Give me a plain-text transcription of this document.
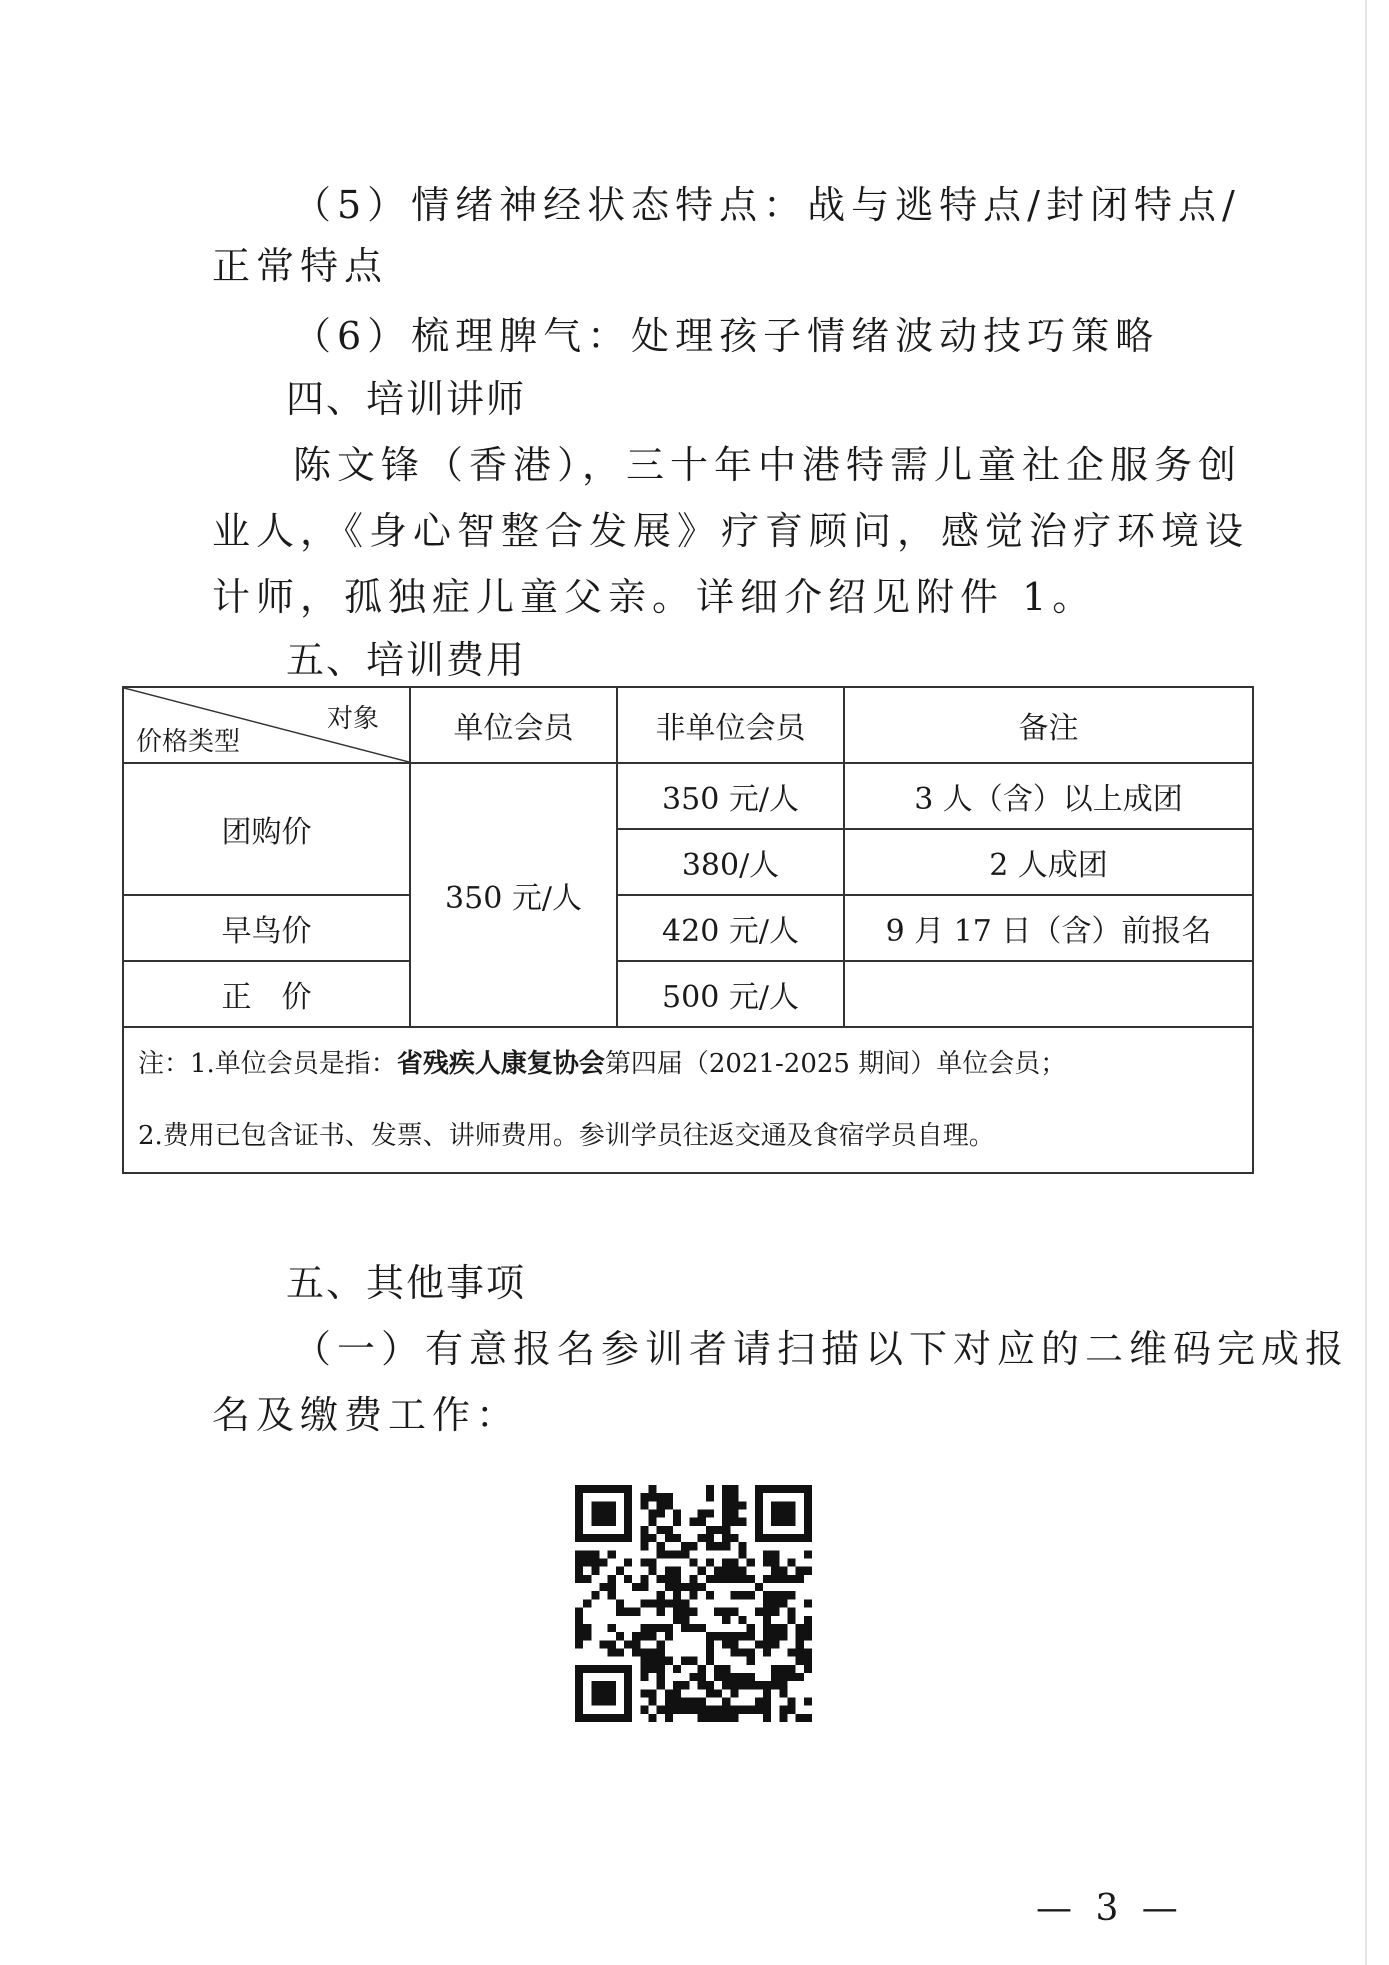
（5）情绪神经状态特点：战与逃特点/封闭特点/
正常特点
（6）梳理脾气：处理孩子情绪波动技巧策略
四、培训讲师
陈文锋（香港），三十年中港特需儿童社企服务创
业人，《身心智整合发展》疗育顾问，感觉治疗环境设
计师，孤独症儿童父亲。详细介绍见附件 1。
五、培训费用
对象
价格类型	单位会员	非单位会员	备注
团购价	350 元/人	350 元/人	3 人（含）以上成团
		380/人	2 人成团
早鸟价		420 元/人	9 月 17 日（含）前报名
正　价		500 元/人	

注：1.单位会员是指：省残疾人康复协会第四届（2021-2025 期间）单位会员；
2.费用已包含证书、发票、讲师费用。参训学员往返交通及食宿学员自理。			
五、其他事项
（一）有意报名参训者请扫描以下对应的二维码完成报
名及缴费工作：
— 3 —
